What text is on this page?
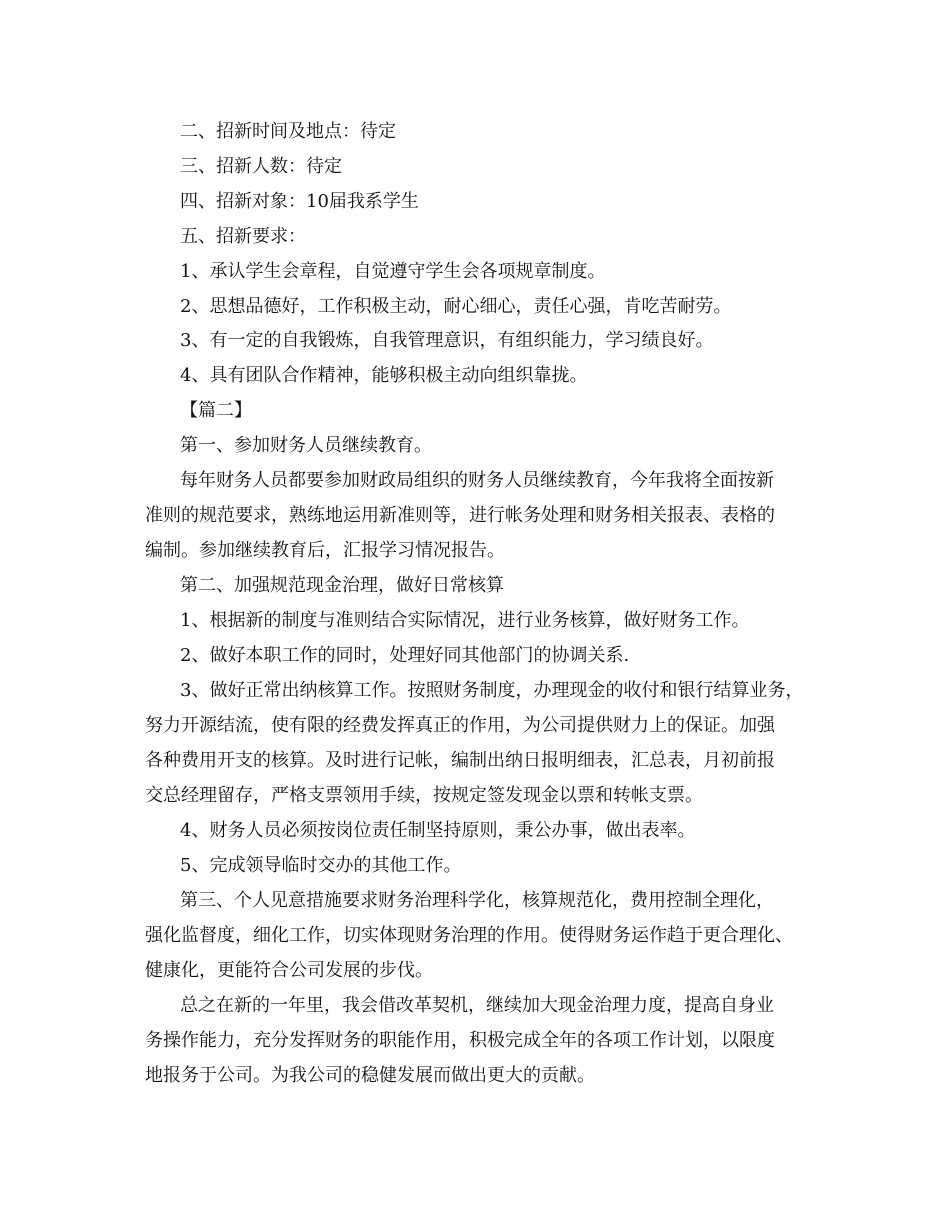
二、招新时间及地点：待定
三、招新人数：待定
四、招新对象：10届我系学生
五、招新要求：
1、承认学生会章程，自觉遵守学生会各项规章制度。
2、思想品德好，工作积极主动，耐心细心，责任心强，肯吃苦耐劳。
3、有一定的自我锻炼，自我管理意识，有组织能力，学习绩良好。
4、具有团队合作精神，能够积极主动向组织靠拢。
【篇二】
第一、参加财务人员继续教育。
每年财务人员都要参加财政局组织的财务人员继续教育，今年我将全面按新
准则的规范要求，熟练地运用新准则等，进行帐务处理和财务相关报表、表格的
编制。参加继续教育后，汇报学习情况报告。
第二、加强规范现金治理，做好日常核算
1、根据新的制度与准则结合实际情况，进行业务核算，做好财务工作。
2、做好本职工作的同时，处理好同其他部门的协调关系.
3、做好正常出纳核算工作。按照财务制度，办理现金的收付和银行结算业务，
努力开源结流，使有限的经费发挥真正的作用，为公司提供财力上的保证。加强
各种费用开支的核算。及时进行记帐，编制出纳日报明细表，汇总表，月初前报
交总经理留存，严格支票领用手续，按规定签发现金以票和转帐支票。
4、财务人员必须按岗位责任制坚持原则，秉公办事，做出表率。
5、完成领导临时交办的其他工作。
第三、个人见意措施要求财务治理科学化，核算规范化，费用控制全理化，
强化监督度，细化工作，切实体现财务治理的作用。使得财务运作趋于更合理化、
健康化，更能符合公司发展的步伐。
总之在新的一年里，我会借改革契机，继续加大现金治理力度，提高自身业
务操作能力，充分发挥财务的职能作用，积极完成全年的各项工作计划，以限度
地报务于公司。为我公司的稳健发展而做出更大的贡献。
